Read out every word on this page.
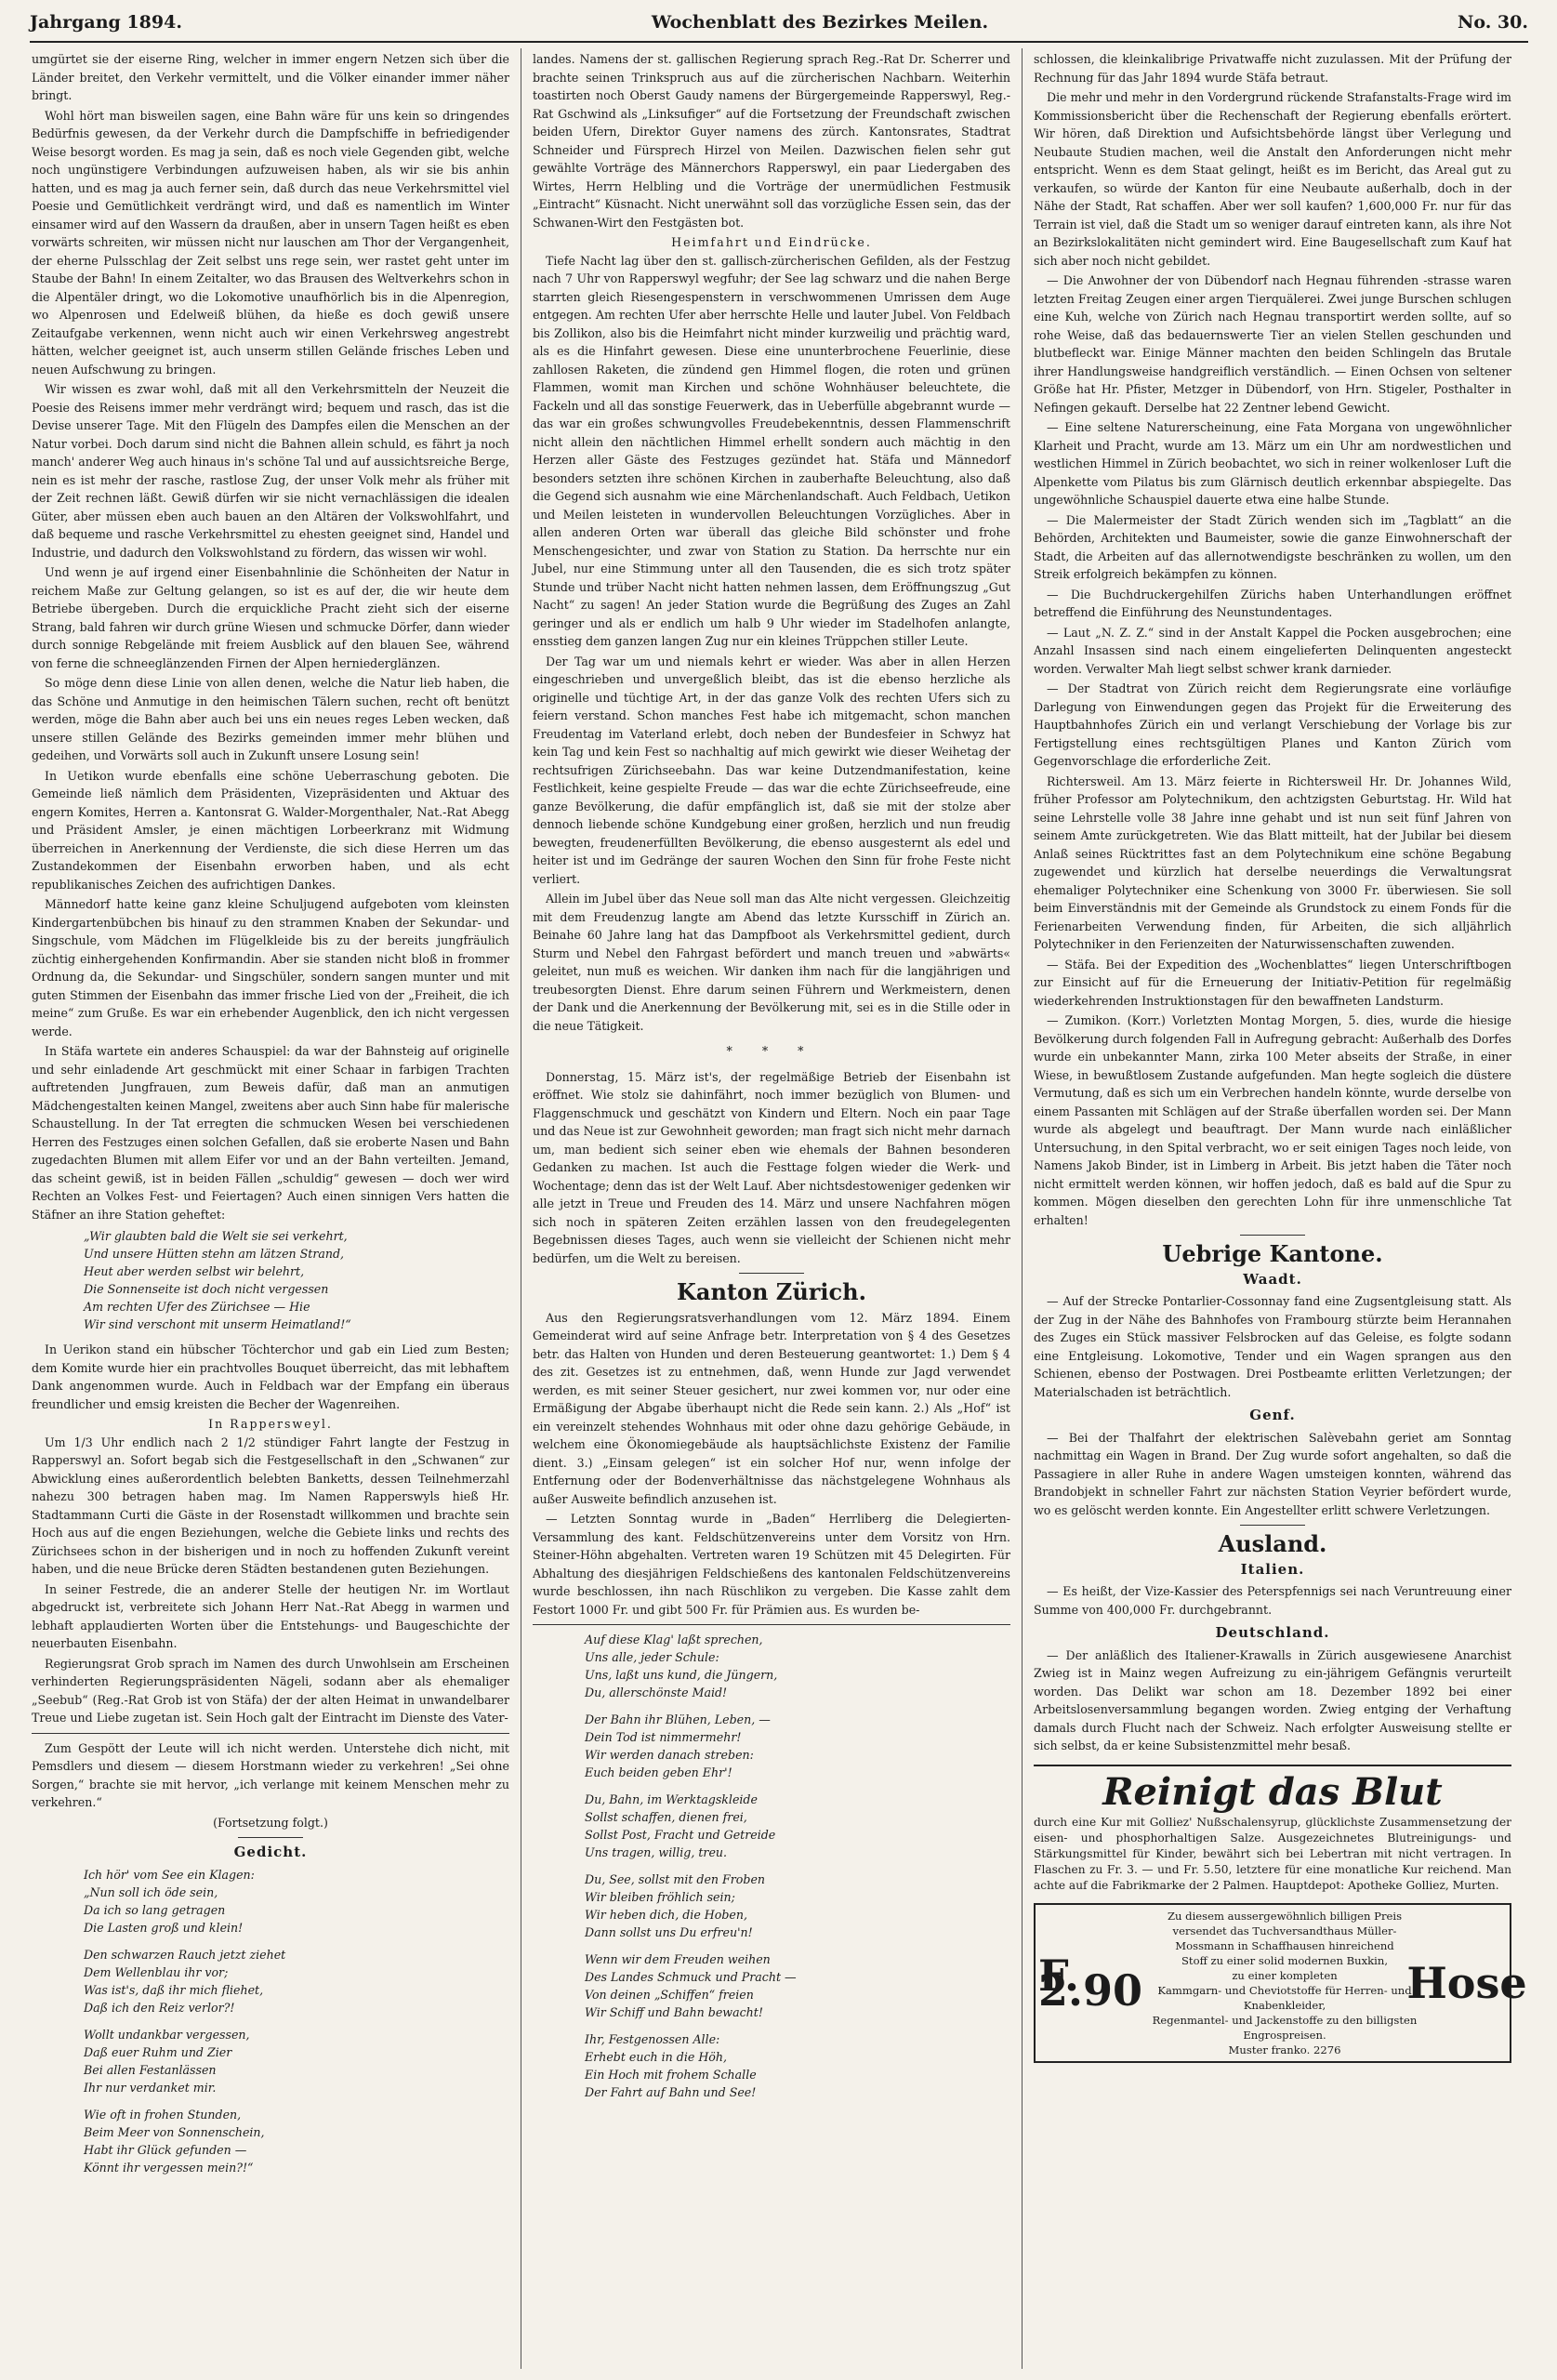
Jahrgang 1894.	Wochenblatt des Bezirkes Meilen.	No. 30.

umgürtet sie der eiserne Ring, welcher in immer engern Netzen sich über die Länder breitet, den Verkehr vermittelt, und die Völker einander immer näher bringt.

Wohl hört man bisweilen sagen, eine Bahn wäre für uns kein so dringendes Bedürfnis gewesen, da der Verkehr durch die Dampfschiffe in befriedigender Weise besorgt worden. Es mag ja sein, daß es noch viele Gegenden gibt, welche noch ungünstigere Verbindungen aufzuweisen haben, als wir sie bis anhin hatten, und es mag ja auch ferner sein, daß durch das neue Verkehrsmittel viel Poesie und Gemütlichkeit verdrängt wird, und daß es namentlich im Winter einsamer wird auf den Wassern da draußen, aber in unsern Tagen heißt es eben vorwärts schreiten, wir müssen nicht nur lauschen am Thor der Vergangenheit, der eherne Pulsschlag der Zeit selbst uns rege sein, wer rastet geht unter im Staube der Bahn! In einem Zeitalter, wo das Brausen des Weltverkehrs schon in die Alpentäler dringt, wo die Lokomotive unaufhörlich bis in die Alpenregion, wo Alpenrosen und Edelweiß blühen, da hieße es doch gewiß unsere Zeitaufgabe verkennen, wenn nicht auch wir einen Verkehrsweg angestrebt hätten, welcher geeignet ist, auch unserm stillen Gelände frisches Leben und neuen Aufschwung zu bringen.

Wir wissen es zwar wohl, daß mit all den Verkehrsmitteln der Neuzeit die Poesie des Reisens immer mehr verdrängt wird; bequem und rasch, das ist die Devise unserer Tage. Mit den Flügeln des Dampfes eilen die Menschen an der Natur vorbei. Doch darum sind nicht die Bahnen allein schuld, es fährt ja noch manch' anderer Weg auch hinaus in's schöne Tal und auf aussichtsreiche Berge, nein es ist mehr der rasche, rastlose Zug, der unser Volk mehr als früher mit der Zeit rechnen läßt. Gewiß dürfen wir sie nicht vernachlässigen die idealen Güter, aber müssen eben auch bauen an den Altären der Volkswohlfahrt, und daß bequeme und rasche Verkehrsmittel zu ehesten geeignet sind, Handel und Industrie, und dadurch den Volkswohlstand zu fördern, das wissen wir wohl.

Und wenn je auf irgend einer Eisenbahnlinie die Schönheiten der Natur in reichem Maße zur Geltung gelangen, so ist es auf der, die wir heute dem Betriebe übergeben. Durch die erquickliche Pracht zieht sich der eiserne Strang, bald fahren wir durch grüne Wiesen und schmucke Dörfer, dann wieder durch sonnige Rebgelände mit freiem Ausblick auf den blauen See, während von ferne die schneeglänzenden Firnen der Alpen herniederglänzen.

So möge denn diese Linie von allen denen, welche die Natur lieb haben, die das Schöne und Anmutige in den heimischen Tälern suchen, recht oft benützt werden, möge die Bahn aber auch bei uns ein neues reges Leben wecken, daß unsere stillen Gelände des Bezirks gemeinden immer mehr blühen und gedeihen, und Vorwärts soll auch in Zukunft unsere Losung sein!

In Uetikon wurde ebenfalls eine schöne Ueberraschung geboten. Die Gemeinde ließ nämlich dem Präsidenten, Vizepräsidenten und Aktuar des engern Komites, Herren a. Kantonsrat G. Walder-Morgenthaler, Nat.-Rat Abegg und Präsident Amsler, je einen mächtigen Lorbeerkranz mit Widmung überreichen in Anerkennung der Verdienste, die sich diese Herren um das Zustandekommen der Eisenbahn erworben haben, und als echt republikanisches Zeichen des aufrichtigen Dankes.

Männedorf hatte keine ganz kleine Schuljugend aufgeboten vom kleinsten Kindergartenbübchen bis hinauf zu den strammen Knaben der Sekundar- und Singschule, vom Mädchen im Flügelkleide bis zu der bereits jungfräulich züchtig einhergehenden Konfirmandin. Aber sie standen nicht bloß in frommer Ordnung da, die Sekundar- und Singschüler, sondern sangen munter und mit guten Stimmen der Eisenbahn das immer frische Lied von der „Freiheit, die ich meine“ zum Gruße. Es war ein erhebender Augenblick, den ich nicht vergessen werde.

In Stäfa wartete ein anderes Schauspiel: da war der Bahnsteig auf originelle und sehr einladende Art geschmückt mit einer Schaar in farbigen Trachten auftretenden Jungfrauen, zum Beweis dafür, daß man an anmutigen Mädchengestalten keinen Mangel, zweitens aber auch Sinn habe für malerische Schaustellung. In der Tat erregten die schmucken Wesen bei verschiedenen Herren des Festzuges einen solchen Gefallen, daß sie eroberte Nasen und Bahn zugedachten Blumen mit allem Eifer vor und an der Bahn verteilten. Jemand, das scheint gewiß, ist in beiden Fällen „schuldig“ gewesen — doch wer wird Rechten an Volkes Fest- und Feiertagen? Auch einen sinnigen Vers hatten die Stäfner an ihre Station geheftet:

„Wir glaubten bald die Welt sie sei verkehrt,
Und unsere Hütten stehn am lätzen Strand,
Heut aber werden selbst wir belehrt,
Die Sonnenseite ist doch nicht vergessen
Am rechten Ufer des Zürichsee — Hie
Wir sind verschont mit unserm Heimatland!“

In Uerikon stand ein hübscher Töchterchor und gab ein Lied zum Besten; dem Komite wurde hier ein prachtvolles Bouquet überreicht, das mit lebhaftem Dank angenommen wurde. Auch in Feldbach war der Empfang ein überaus freundlicher und emsig kreisten die Becher der Wagenreihen.

In Rappersweyl.

Um 1/3 Uhr endlich nach 2 1/2 stündiger Fahrt langte der Festzug in Rapperswyl an. Sofort begab sich die Festgesellschaft in den „Schwanen“ zur Abwicklung eines außerordentlich belebten Banketts, dessen Teilnehmerzahl nahezu 300 betragen haben mag. Im Namen Rapperswyls hieß Hr. Stadtammann Curti die Gäste in der Rosenstadt willkommen und brachte sein Hoch aus auf die engen Beziehungen, welche die Gebiete links und rechts des Zürichsees schon in der bisherigen und in noch zu hoffenden Zukunft vereint haben, und die neue Brücke deren Städten bestandenen guten Beziehungen.

In seiner Festrede, die an anderer Stelle der heutigen Nr. im Wortlaut abgedruckt ist, verbreitete sich Johann Herr Nat.-Rat Abegg in warmen und lebhaft applaudierten Worten über die Entstehungs- und Baugeschichte der neuerbauten Eisenbahn.

Regierungsrat Grob sprach im Namen des durch Unwohlsein am Erscheinen verhinderten Regierungspräsidenten Nägeli, sodann aber als ehemaliger „Seebub“ (Reg.-Rat Grob ist von Stäfa) der der alten Heimat in unwandelbarer Treue und Liebe zugetan ist. Sein Hoch galt der Eintracht im Dienste des Vater-

Zum Gespött der Leute will ich nicht werden. Unterstehe dich nicht, mit Pemsdlers und diesem — diesem Horstmann wieder zu verkehren! „Sei ohne Sorgen,“ brachte sie mit hervor, „ich verlange mit keinem Menschen mehr zu verkehren.“

(Fortsetzung folgt.)
Gedicht.
Ich hör' vom See ein Klagen:
„Nun soll ich öde sein,
Da ich so lang getragen
Die Lasten groß und klein!
Den schwarzen Rauch jetzt ziehet
Dem Wellenblau ihr vor;
Was ist's, daß ihr mich fliehet,
Daß ich den Reiz verlor?!
Wollt undankbar vergessen,
Daß euer Ruhm und Zier
Bei allen Festanlässen
Ihr nur verdanket mir.
Wie oft in frohen Stunden,
Beim Meer von Sonnenschein,
Habt ihr Glück gefunden —
Könnt ihr vergessen mein?!“

landes. Namens der st. gallischen Regierung sprach Reg.-Rat Dr. Scherrer und brachte seinen Trinkspruch aus auf die zürcherischen Nachbarn. Weiterhin toastirten noch Oberst Gaudy namens der Bürgergemeinde Rapperswyl, Reg.-Rat Gschwind als „Linksufiger“ auf die Fortsetzung der Freundschaft zwischen beiden Ufern, Direktor Guyer namens des zürch. Kantonsrates, Stadtrat Schneider und Fürsprech Hirzel von Meilen. Dazwischen fielen sehr gut gewählte Vorträge des Männerchors Rapperswyl, ein paar Liedergaben des Wirtes, Herrn Helbling und die Vorträge der unermüdlichen Festmusik „Eintracht“ Küsnacht. Nicht unerwähnt soll das vorzügliche Essen sein, das der Schwanen-Wirt den Festgästen bot.

Heimfahrt und Eindrücke.

Tiefe Nacht lag über den st. gallisch-zürcherischen Gefilden, als der Festzug nach 7 Uhr von Rapperswyl wegfuhr; der See lag schwarz und die nahen Berge starrten gleich Riesengespenstern in verschwommenen Umrissen dem Auge entgegen. Am rechten Ufer aber herrschte Helle und lauter Jubel. Von Feldbach bis Zollikon, also bis die Heimfahrt nicht minder kurzweilig und prächtig ward, als es die Hinfahrt gewesen. Diese eine ununterbrochene Feuerlinie, diese zahllosen Raketen, die zündend gen Himmel flogen, die roten und grünen Flammen, womit man Kirchen und schöne Wohnhäuser beleuchtete, die Fackeln und all das sonstige Feuerwerk, das in Ueberfülle abgebrannt wurde — das war ein großes schwungvolles Freudebekenntnis, dessen Flammenschrift nicht allein den nächtlichen Himmel erhellt sondern auch mächtig in den Herzen aller Gäste des Festzuges gezündet hat. Stäfa und Männedorf besonders setzten ihre schönen Kirchen in zauberhafte Beleuchtung, also daß die Gegend sich ausnahm wie eine Märchenlandschaft. Auch Feldbach, Uetikon und Meilen leisteten in wundervollen Beleuchtungen Vorzügliches. Aber in allen anderen Orten war überall das gleiche Bild schönster und frohe Menschengesichter, und zwar von Station zu Station. Da herrschte nur ein Jubel, nur eine Stimmung unter all den Tausenden, die es sich trotz später Stunde und trüber Nacht nicht hatten nehmen lassen, dem Eröffnungszug „Gut Nacht“ zu sagen! An jeder Station wurde die Begrüßung des Zuges an Zahl geringer und als er endlich um halb 9 Uhr wieder im Stadelhofen anlangte, ensstieg dem ganzen langen Zug nur ein kleines Trüppchen stiller Leute.

Der Tag war um und niemals kehrt er wieder. Was aber in allen Herzen eingeschrieben und unvergeßlich bleibt, das ist die ebenso herzliche als originelle und tüchtige Art, in der das ganze Volk des rechten Ufers sich zu feiern verstand. Schon manches Fest habe ich mitgemacht, schon manchen Freudentag im Vaterland erlebt, doch neben der Bundesfeier in Schwyz hat kein Tag und kein Fest so nachhaltig auf mich gewirkt wie dieser Weihetag der rechtsufrigen Zürichseebahn. Das war keine Dutzendmanifestation, keine Festlichkeit, keine gespielte Freude — das war die echte Zürichseefreude, eine ganze Bevölkerung, die dafür empfänglich ist, daß sie mit der stolze aber dennoch liebende schöne Kundgebung einer großen, herzlich und nun freudig bewegten, freudenerfüllten Bevölkerung, die ebenso ausgesternt als edel und heiter ist und im Gedränge der sauren Wochen den Sinn für frohe Feste nicht verliert.

Allein im Jubel über das Neue soll man das Alte nicht vergessen. Gleichzeitig mit dem Freudenzug langte am Abend das letzte Kursschiff in Zürich an. Beinahe 60 Jahre lang hat das Dampfboot als Verkehrsmittel gedient, durch Sturm und Nebel den Fahrgast befördert und manch treuen und »abwärts« geleitet, nun muß es weichen. Wir danken ihm nach für die langjährigen und treubesorgten Dienst. Ehre darum seinen Führern und Werkmeistern, denen der Dank und die Anerkennung der Bevölkerung mit, sei es in die Stille oder in die neue Tätigkeit.

* * *

Donnerstag, 15. März ist's, der regelmäßige Betrieb der Eisenbahn ist eröffnet. Wie stolz sie dahinfährt, noch immer bezüglich von Blumen- und Flaggenschmuck und geschätzt von Kindern und Eltern. Noch ein paar Tage und das Neue ist zur Gewohnheit geworden; man fragt sich nicht mehr darnach um, man bedient sich seiner eben wie ehemals der Bahnen besonderen Gedanken zu machen. Ist auch die Festtage folgen wieder die Werk- und Wochentage; denn das ist der Welt Lauf. Aber nichtsdestoweniger gedenken wir alle jetzt in Treue und Freuden des 14. März und unsere Nachfahren mögen sich noch in späteren Zeiten erzählen lassen von den freudegelegenten Begebnissen dieses Tages, auch wenn sie vielleicht der Schienen nicht mehr bedürfen, um die Welt zu bereisen.

Kanton Zürich.

Aus den Regierungsratsverhandlungen vom 12. März 1894. Einem Gemeinderat wird auf seine Anfrage betr. Interpretation von § 4 des Gesetzes betr. das Halten von Hunden und deren Besteuerung geantwortet: 1.) Dem § 4 des zit. Gesetzes ist zu entnehmen, daß, wenn Hunde zur Jagd verwendet werden, es mit seiner Steuer gesichert, nur zwei kommen vor, nur oder eine Ermäßigung der Abgabe überhaupt nicht die Rede sein kann. 2.) Als „Hof“ ist ein vereinzelt stehendes Wohnhaus mit oder ohne dazu gehörige Gebäude, in welchem eine Ökonomiegebäude als hauptsächlichste Existenz der Familie dient. 3.) „Einsam gelegen“ ist ein solcher Hof nur, wenn infolge der Entfernung oder der Bodenverhältnisse das nächstgelegene Wohnhaus als außer Ausweite befindlich anzusehen ist.

— Letzten Sonntag wurde in „Baden“ Herrliberg die Delegierten-Versammlung des kant. Feldschützenvereins unter dem Vorsitz von Hrn. Steiner-Höhn abgehalten. Vertreten waren 19 Schützen mit 45 Delegirten. Für Abhaltung des diesjährigen Feldschießens des kantonalen Feldschützenvereins wurde beschlossen, ihn nach Rüschlikon zu vergeben. Die Kasse zahlt dem Festort 1000 Fr. und gibt 500 Fr. für Prämien aus. Es wurden be-

Auf diese Klag' laßt sprechen,
Uns alle, jeder Schule:
Uns, laßt uns kund, die Jüngern,
Du, allerschönste Maid!
Der Bahn ihr Blühen, Leben, —
Dein Tod ist nimmermehr!
Wir werden danach streben:
Euch beiden geben Ehr'!
Du, Bahn, im Werktagskleide
Sollst schaffen, dienen frei,
Sollst Post, Fracht und Getreide
Uns tragen, willig, treu.
Du, See, sollst mit den Froben
Wir bleiben fröhlich sein;
Wir heben dich, die Hoben,
Dann sollst uns Du erfreu'n!
Wenn wir dem Freuden weihen
Des Landes Schmuck und Pracht —
Von deinen „Schiffen“ freien
Wir Schiff und Bahn bewacht!
Ihr, Festgenossen Alle:
Erhebt euch in die Höh,
Ein Hoch mit frohem Schalle
Der Fahrt auf Bahn und See!

schlossen, die kleinkalibrige Privatwaffe nicht zuzulassen. Mit der Prüfung der Rechnung für das Jahr 1894 wurde Stäfa betraut.

Die mehr und mehr in den Vordergrund rückende Strafanstalts-Frage wird im Kommissionsbericht über die Rechenschaft der Regierung ebenfalls erörtert. Wir hören, daß Direktion und Aufsichtsbehörde längst über Verlegung und Neubaute Studien machen, weil die Anstalt den Anforderungen nicht mehr entspricht. Wenn es dem Staat gelingt, heißt es im Bericht, das Areal gut zu verkaufen, so würde der Kanton für eine Neubaute außerhalb, doch in der Nähe der Stadt, Rat schaffen. Aber wer soll kaufen? 1,600,000 Fr. nur für das Terrain ist viel, daß die Stadt um so weniger darauf eintreten kann, als ihre Not an Bezirkslokalitäten nicht gemindert wird. Eine Baugesellschaft zum Kauf hat sich aber noch nicht gebildet.

— Die Anwohner der von Dübendorf nach Hegnau führenden -strasse waren letzten Freitag Zeugen einer argen Tierquälerei. Zwei junge Burschen schlugen eine Kuh, welche von Zürich nach Hegnau transportirt werden sollte, auf so rohe Weise, daß das bedauernswerte Tier an vielen Stellen geschunden und blutbefleckt war. Einige Männer machten den beiden Schlingeln das Brutale ihrer Handlungsweise handgreiflich verständlich. — Einen Ochsen von seltener Größe hat Hr. Pfister, Metzger in Dübendorf, von Hrn. Stigeler, Posthalter in Nefingen gekauft. Derselbe hat 22 Zentner lebend Gewicht.

— Eine seltene Naturerscheinung, eine Fata Morgana von ungewöhnlicher Klarheit und Pracht, wurde am 13. März um ein Uhr am nordwestlichen und westlichen Himmel in Zürich beobachtet, wo sich in reiner wolkenloser Luft die Alpenkette vom Pilatus bis zum Glärnisch deutlich erkennbar abspiegelte. Das ungewöhnliche Schauspiel dauerte etwa eine halbe Stunde.

— Die Malermeister der Stadt Zürich wenden sich im „Tagblatt“ an die Behörden, Architekten und Baumeister, sowie die ganze Einwohnerschaft der Stadt, die Arbeiten auf das allernotwendigste beschränken zu wollen, um den Streik erfolgreich bekämpfen zu können.

— Die Buchdruckergehilfen Zürichs haben Unterhandlungen eröffnet betreffend die Einführung des Neunstundentages.

— Laut „N. Z. Z.“ sind in der Anstalt Kappel die Pocken ausgebrochen; eine Anzahl Insassen sind nach einem eingelieferten Delinquenten angesteckt worden. Verwalter Mah liegt selbst schwer krank darnieder.

— Der Stadtrat von Zürich reicht dem Regierungsrate eine vorläufige Darlegung von Einwendungen gegen das Projekt für die Erweiterung des Hauptbahnhofes Zürich ein und verlangt Verschiebung der Vorlage bis zur Fertigstellung eines rechtsgültigen Planes und Kanton Zürich vom Gegenvorschlage die erforderliche Zeit.

Richtersweil. Am 13. März feierte in Richtersweil Hr. Dr. Johannes Wild, früher Professor am Polytechnikum, den achtzigsten Geburtstag. Hr. Wild hat seine Lehrstelle volle 38 Jahre inne gehabt und ist nun seit fünf Jahren von seinem Amte zurückgetreten. Wie das Blatt mitteilt, hat der Jubilar bei diesem Anlaß seines Rücktrittes fast an dem Polytechnikum eine schöne Begabung zugewendet und kürzlich hat derselbe neuerdings die Verwaltungsrat ehemaliger Polytechniker eine Schenkung von 3000 Fr. überwiesen. Sie soll beim Einverständnis mit der Gemeinde als Grundstock zu einem Fonds für die Ferienarbeiten Verwendung finden, für Arbeiten, die sich alljährlich Polytechniker in den Ferienzeiten der Naturwissenschaften zuwenden.

— Stäfa. Bei der Expedition des „Wochenblattes“ liegen Unterschriftbogen zur Einsicht auf für die Erneuerung der Initiativ-Petition für regelmäßig wiederkehrenden Instruktionstagen für den bewaffneten Landsturm.

— Zumikon. (Korr.) Vorletzten Montag Morgen, 5. dies, wurde die hiesige Bevölkerung durch folgenden Fall in Aufregung gebracht: Außerhalb des Dorfes wurde ein unbekannter Mann, zirka 100 Meter abseits der Straße, in einer Wiese, in bewußtlosem Zustande aufgefunden. Man hegte sogleich die düstere Vermutung, daß es sich um ein Verbrechen handeln könnte, wurde derselbe von einem Passanten mit Schlägen auf der Straße überfallen worden sei. Der Mann wurde als abgelegt und beauftragt. Der Mann wurde nach einläßlicher Untersuchung, in den Spital verbracht, wo er seit einigen Tages noch leide, von Namens Jakob Binder, ist in Limberg in Arbeit. Bis jetzt haben die Täter noch nicht ermittelt werden können, wir hoffen jedoch, daß es bald auf die Spur zu kommen. Mögen dieselben den gerechten Lohn für ihre unmenschliche Tat erhalten!

Uebrige Kantone.
Waadt.

— Auf der Strecke Pontarlier-Cossonnay fand eine Zugsentgleisung statt. Als der Zug in der Nähe des Bahnhofes von Frambourg stürzte beim Herannahen des Zuges ein Stück massiver Felsbrocken auf das Geleise, es folgte sodann eine Entgleisung. Lokomotive, Tender und ein Wagen sprangen aus den Schienen, ebenso der Postwagen. Drei Postbeamte erlitten Verletzungen; der Materialschaden ist beträchtlich.

Genf.

— Bei der Thalfahrt der elektrischen Salèvebahn geriet am Sonntag nachmittag ein Wagen in Brand. Der Zug wurde sofort angehalten, so daß die Passagiere in aller Ruhe in andere Wagen umsteigen konnten, während das Brandobjekt in schneller Fahrt zur nächsten Station Veyrier befördert wurde, wo es gelöscht werden konnte. Ein Angestellter erlitt schwere Verletzungen.

Ausland.
Italien.

— Es heißt, der Vize-Kassier des Peterspfennigs sei nach Veruntreuung einer Summe von 400,000 Fr. durchgebrannt.

Deutschland.

— Der anläßlich des Italiener-Krawalls in Zürich ausgewiesene Anarchist Zwieg ist in Mainz wegen Aufreizung zu ein-jährigem Gefängnis verurteilt worden. Das Delikt war schon am 18. Dezember 1892 bei einer Arbeitslosenversammlung begangen worden. Zwieg entging der Verhaftung damals durch Flucht nach der Schweiz. Nach erfolgter Ausweisung stellte er sich selbst, da er keine Subsistenzmittel mehr besaß.

Reinigt das Blut
durch eine Kur mit Golliez' Nußschalensyrup, glücklichste Zusammensetzung der eisen- und phosphorhaltigen Salze. Ausgezeichnetes Blutreinigungs- und Stärkungsmittel für Kinder, bewährt sich bei Lebertran mit nicht vertragen. In Flaschen zu Fr. 3. — und Fr. 5.50, letztere für eine monatliche Kur reichend. Man achte auf die Fabrikmarke der 2 Palmen. Hauptdepot: Apotheke Golliez, Murten.
F. 2.90
Zu diesem aussergewöhnlich billigen Preis
versendet das Tuchversandthaus Müller-
Mossmann in Schaffhausen hinreichend
Stoff zu einer solid modernen Buxkin,
zu einer kompleten
Kammgarn- und Cheviotstoffe für Herren- und Knabenkleider,
Regenmantel- und Jackenstoffe zu den billigsten Engrospreisen.
Muster franko. 2276
Hose
